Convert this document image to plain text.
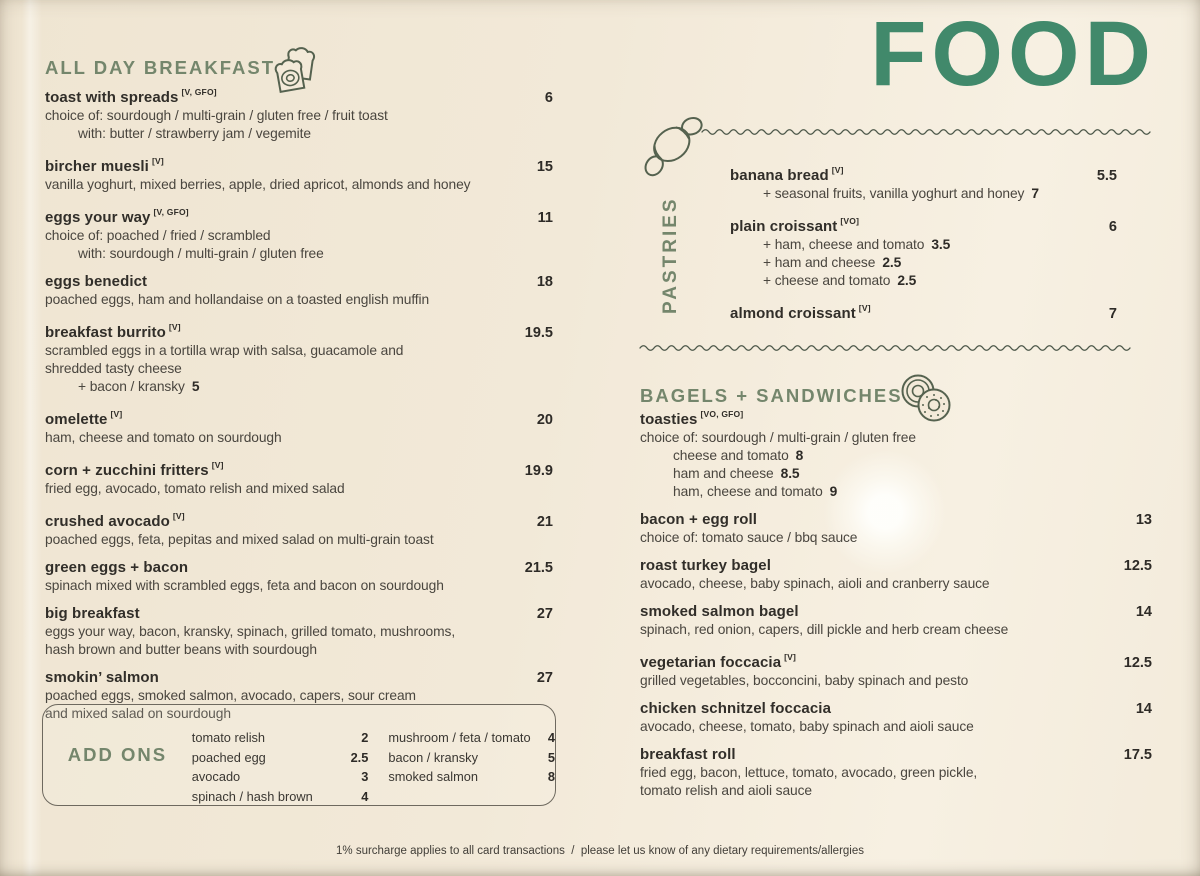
ALL DAY BREAKFAST
toast with spreads [V, GFO]	6
choice of: sourdough / multi-grain / gluten free / fruit toast
with: butter / strawberry jam / vegemite
bircher muesli [V]	15
vanilla yoghurt, mixed berries, apple, dried apricot, almonds and honey
eggs your way [V, GFO]	11
choice of: poached / fried / scrambled
with: sourdough / multi-grain / gluten free
eggs benedict	18
poached eggs, ham and hollandaise on a toasted english muffin
breakfast burrito [V]	19.5
scrambled eggs in a tortilla wrap with salsa, guacamole and
shredded tasty cheese
+ bacon / kransky 5
omelette [V]	20
ham, cheese and tomato on sourdough
corn + zucchini fritters [V]	19.9
fried egg, avocado, tomato relish and mixed salad
crushed avocado [V]	21
poached eggs, feta, pepitas and mixed salad on multi-grain toast
green eggs + bacon	21.5
spinach mixed with scrambled eggs, feta and bacon on sourdough
big breakfast	27
eggs your way, bacon, kransky, spinach, grilled tomato, mushrooms,
hash brown and butter beans with sourdough
smokin’ salmon	27
poached eggs, smoked salmon, avocado, capers, sour cream
and mixed salad on sourdough
ADD ONS
tomato relish	2
poached egg	2.5
avocado	3
spinach / hash brown	4
mushroom / feta / tomato 4
bacon / kransky	5
smoked salmon	8
FOOD
PASTRIES
banana bread [V]	5.5
+ seasonal fruits, vanilla yoghurt and honey 7
plain croissant [VO]	6
+ ham, cheese and tomato 3.5
+ ham and cheese 2.5
+ cheese and tomato 2.5
almond croissant [V]	7
BAGELS + SANDWICHES
toasties [VO, GFO]
choice of: sourdough / multi-grain / gluten free
cheese and tomato 8
ham and cheese 8.5
ham, cheese and tomato 9
bacon + egg roll	13
choice of: tomato sauce / bbq sauce
roast turkey bagel	12.5
avocado, cheese, baby spinach, aioli and cranberry sauce
smoked salmon bagel	14
spinach, red onion, capers, dill pickle and herb cream cheese
vegetarian foccacia [V]	12.5
grilled vegetables, bocconcini, baby spinach and pesto
chicken schnitzel foccacia	14
avocado, cheese, tomato, baby spinach and aioli sauce
breakfast roll	17.5
fried egg, bacon, lettuce, tomato, avocado, green pickle,
tomato relish and aioli sauce
1% surcharge applies to all card transactions  /  please let us know of any dietary requirements/allergies
